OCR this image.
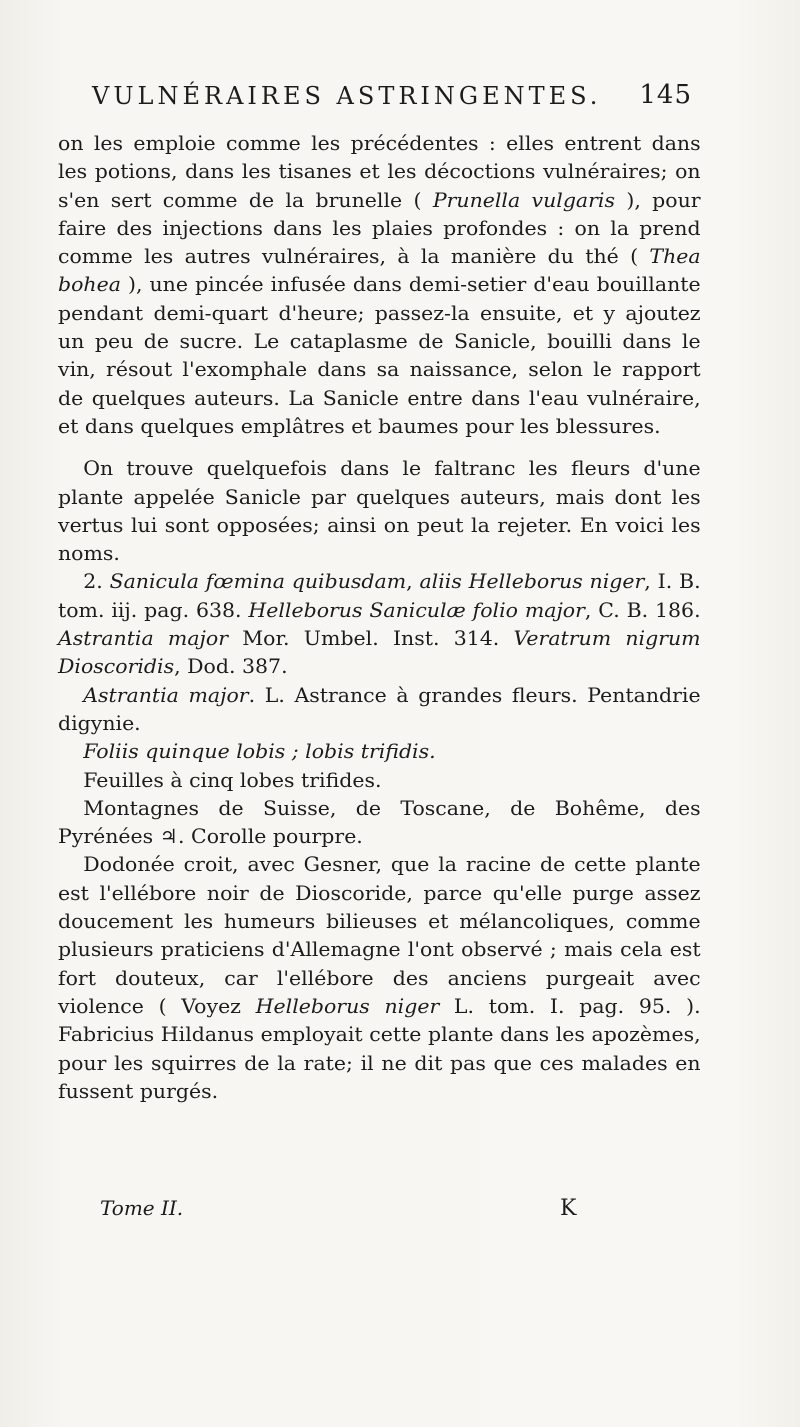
VULNÉRAIRES ASTRINGENTES. 145

on les emploie comme les précédentes : elles entrent dans les potions, dans les tisanes et les décoctions vulnéraires; on s'en sert comme de la brunelle ( Prunella vulgaris ), pour faire des injections dans les plaies profondes : on la prend comme les autres vulnéraires, à la manière du thé ( Thea bohea ), une pincée infusée dans demi-setier d'eau bouillante pendant demi-quart d'heure; passez-la ensuite, et y ajoutez un peu de sucre. Le cataplasme de Sanicle, bouilli dans le vin, résout l'exomphale dans sa naissance, selon le rapport de quelques auteurs. La Sanicle entre dans l'eau vulnéraire, et dans quelques emplâtres et baumes pour les blessures.

On trouve quelquefois dans le faltranc les fleurs d'une plante appelée Sanicle par quelques auteurs, mais dont les vertus lui sont opposées; ainsi on peut la rejeter. En voici les noms.

2. Sanicula fœmina quibusdam, aliis Helleborus niger, I. B. tom. iij. pag. 638. Helleborus Saniculæ folio major, C. B. 186. Astrantia major Mor. Umbel. Inst. 314. Veratrum nigrum Dioscoridis, Dod. 387.

Astrantia major. L. Astrance à grandes fleurs. Pentandrie digynie.

Foliis quinque lobis ; lobis trifidis.

Feuilles à cinq lobes trifides.

Montagnes de Suisse, de Toscane, de Bohême, des Pyrénées ♃. Corolle pourpre.

Dodonée croit, avec Gesner, que la racine de cette plante est l'ellébore noir de Dioscoride, parce qu'elle purge assez doucement les humeurs bilieuses et mélancoliques, comme plusieurs praticiens d'Allemagne l'ont observé ; mais cela est fort douteux, car l'ellébore des anciens purgeait avec violence ( Voyez Helleborus niger L. tom. I. pag. 95. ). Fabricius Hildanus employait cette plante dans les apozèmes, pour les squirres de la rate; il ne dit pas que ces malades en fussent purgés.

Tome II.	K
